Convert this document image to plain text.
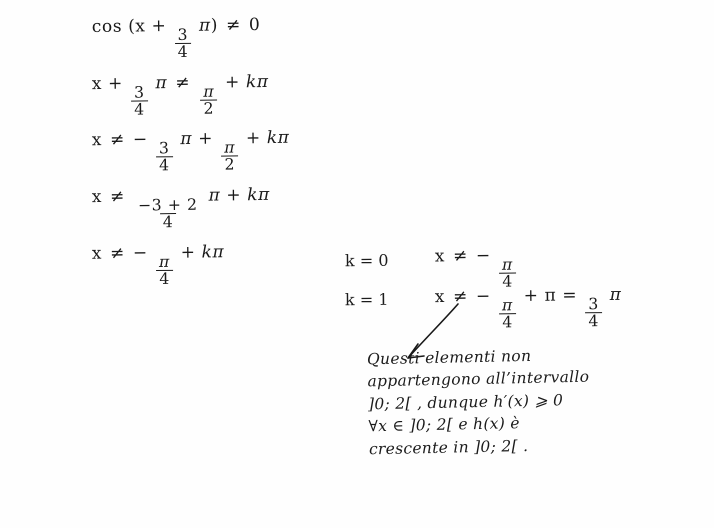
$\cos (x + \frac{3}{4}$
π) ≠ 0
x +
$\frac{3}{4}$
π ≠
$\frac{\pi}{2}$
+ kπ
x ≠ −
$\frac{3}{4}$
π +
$\frac{\pi}{2}$
+ kπ
$x \ne \frac{-3 + 2}{4}$
π + kπ
x ≠ −
$\frac{\pi}{4}$
+ kπ	k = 0	x ≠ −
$\frac{\pi}{4}$
k = 1	x ≠ −
$\frac{\pi}{4}$
+ $\pi = \frac{3}{4}$
π
Questi elementi non
appartengono all’intervallo
]0; 2[ , dunque h′(x) ⩾ 0
∀x ∈ ]0; 2[ e h(x) è
crescente in ]0; 2[ .
